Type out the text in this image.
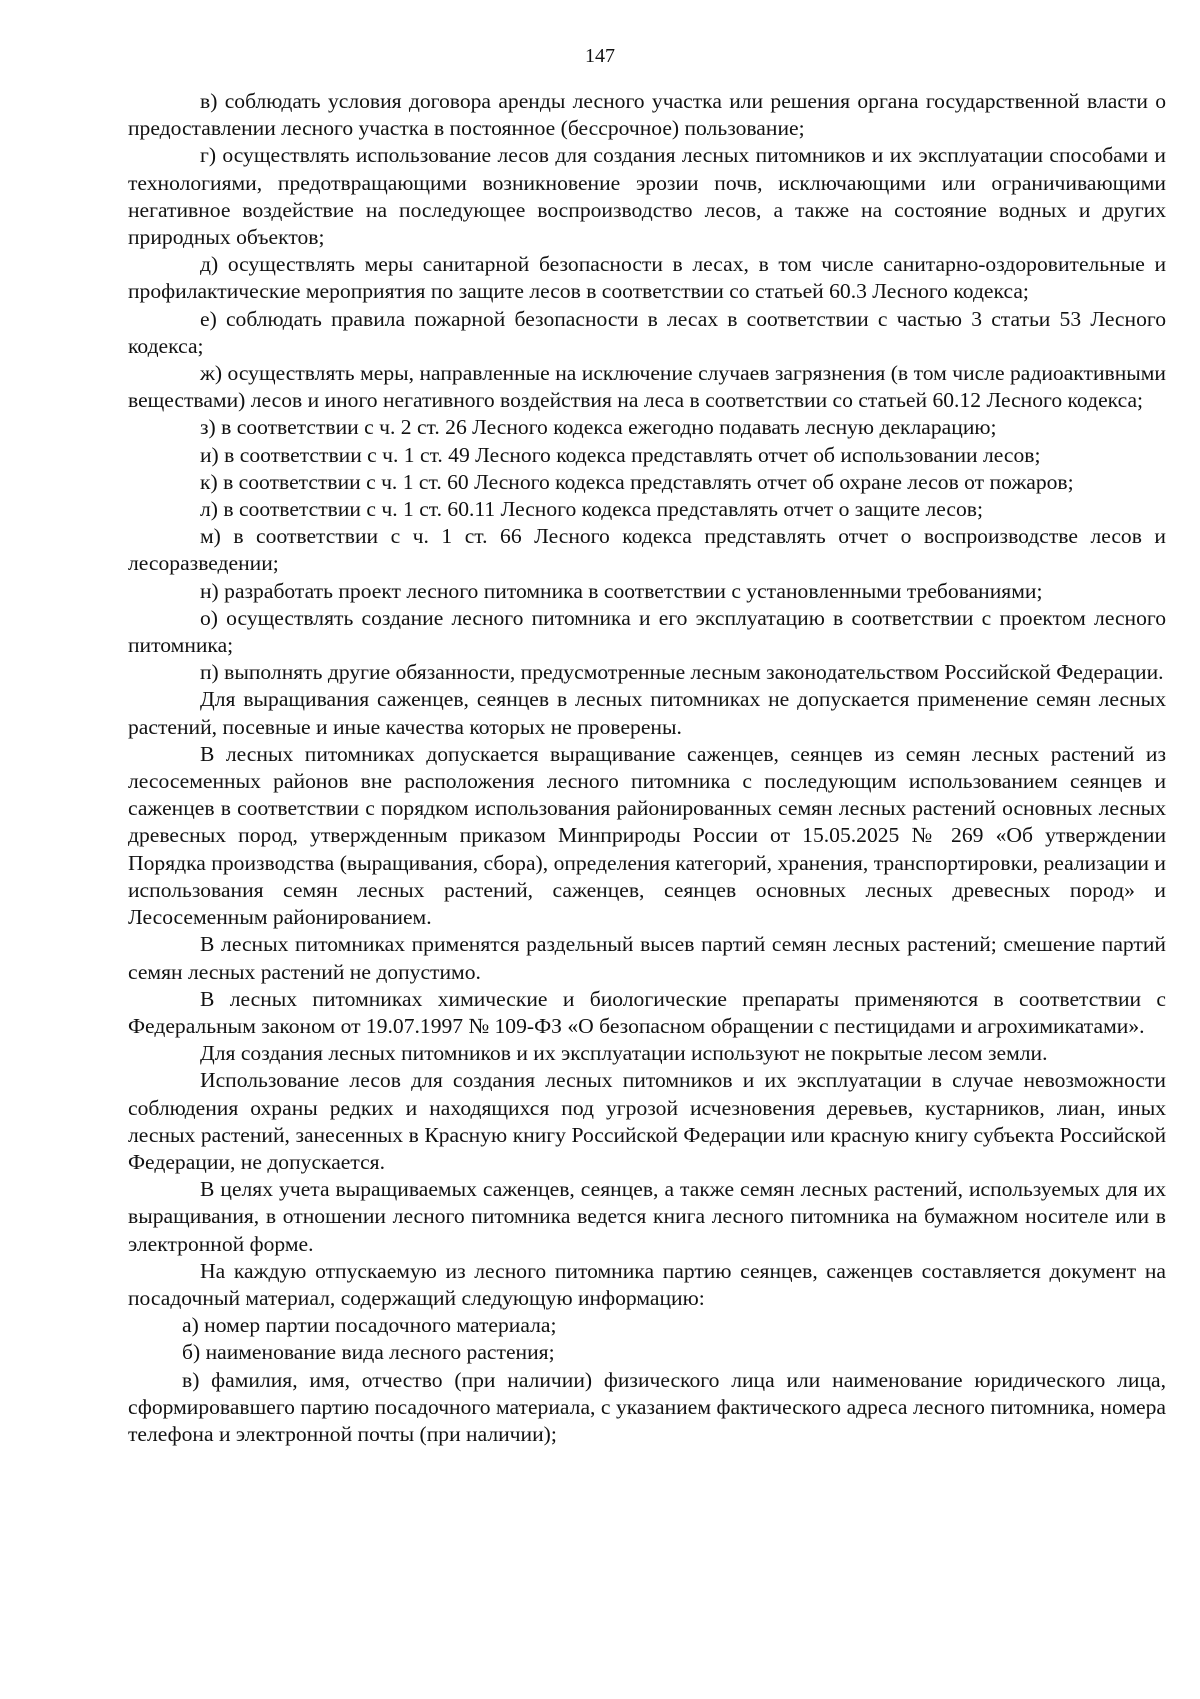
147

в) соблюдать условия договора аренды лесного участка или решения органа государственной власти о предоставлении лесного участка в постоянное (бессрочное) пользование;

г) осуществлять использование лесов для создания лесных питомников и их эксплуатации способами и технологиями, предотвращающими возникновение эрозии почв, исключающими или ограничивающими негативное воздействие на последующее воспроизводство лесов, а также на состояние водных и других природных объектов;

д) осуществлять меры санитарной безопасности в лесах, в том числе санитарно-оздоровительные и профилактические мероприятия по защите лесов в соответствии со статьей 60.3 Лесного кодекса;

е) соблюдать правила пожарной безопасности в лесах в соответствии с частью 3 статьи 53 Лесного кодекса;

ж) осуществлять меры, направленные на исключение случаев загрязнения (в том числе радиоактивными веществами) лесов и иного негативного воздействия на леса в соответствии со статьей 60.12 Лесного кодекса;

з) в соответствии с ч. 2 ст. 26 Лесного кодекса ежегодно подавать лесную декларацию;

и) в соответствии с ч. 1 ст. 49 Лесного кодекса представлять отчет об использовании лесов;

к) в соответствии с ч. 1 ст. 60 Лесного кодекса представлять отчет об охране лесов от пожаров;

л) в соответствии с ч. 1 ст. 60.11 Лесного кодекса представлять отчет о защите лесов;

м) в соответствии с ч. 1 ст. 66 Лесного кодекса представлять отчет о воспроизводстве лесов и лесоразведении;

н) разработать проект лесного питомника в соответствии с установленными требованиями;

о) осуществлять создание лесного питомника и его эксплуатацию в соответствии с проектом лесного питомника;

п) выполнять другие обязанности, предусмотренные лесным законодательством Российской Федерации.

Для выращивания саженцев, сеянцев в лесных питомниках не допускается применение семян лесных растений, посевные и иные качества которых не проверены.

В лесных питомниках допускается выращивание саженцев, сеянцев из семян лесных растений из лесосеменных районов вне расположения лесного питомника с последующим использованием сеянцев и саженцев в соответствии с порядком использования районированных семян лесных растений основных лесных древесных пород, утвержденным приказом Минприроды России от 15.05.2025 № 269 «Об утверждении Порядка производства (выращивания, сбора), определения категорий, хранения, транспортировки, реализации и использования семян лесных растений, саженцев, сеянцев основных лесных древесных пород» и Лесосеменным районированием.

В лесных питомниках применятся раздельный высев партий семян лесных растений; смешение партий семян лесных растений не допустимо.

В лесных питомниках химические и биологические препараты применяются в соответствии с Федеральным законом от 19.07.1997 № 109-ФЗ «О безопасном обращении с пестицидами и агрохимикатами».

Для создания лесных питомников и их эксплуатации используют не покрытые лесом земли.

Использование лесов для создания лесных питомников и их эксплуатации в случае невозможности соблюдения охраны редких и находящихся под угрозой исчезновения деревьев, кустарников, лиан, иных лесных растений, занесенных в Красную книгу Российской Федерации или красную книгу субъекта Российской Федерации, не допускается.

В целях учета выращиваемых саженцев, сеянцев, а также семян лесных растений, используемых для их выращивания, в отношении лесного питомника ведется книга лесного питомника на бумажном носителе или в электронной форме.

На каждую отпускаемую из лесного питомника партию сеянцев, саженцев составляется документ на посадочный материал, содержащий следующую информацию:

а) номер партии посадочного материала;

б) наименование вида лесного растения;

в) фамилия, имя, отчество (при наличии) физического лица или наименование юридического лица, сформировавшего партию посадочного материала, с указанием фактического адреса лесного питомника, номера телефона и электронной почты (при наличии);
